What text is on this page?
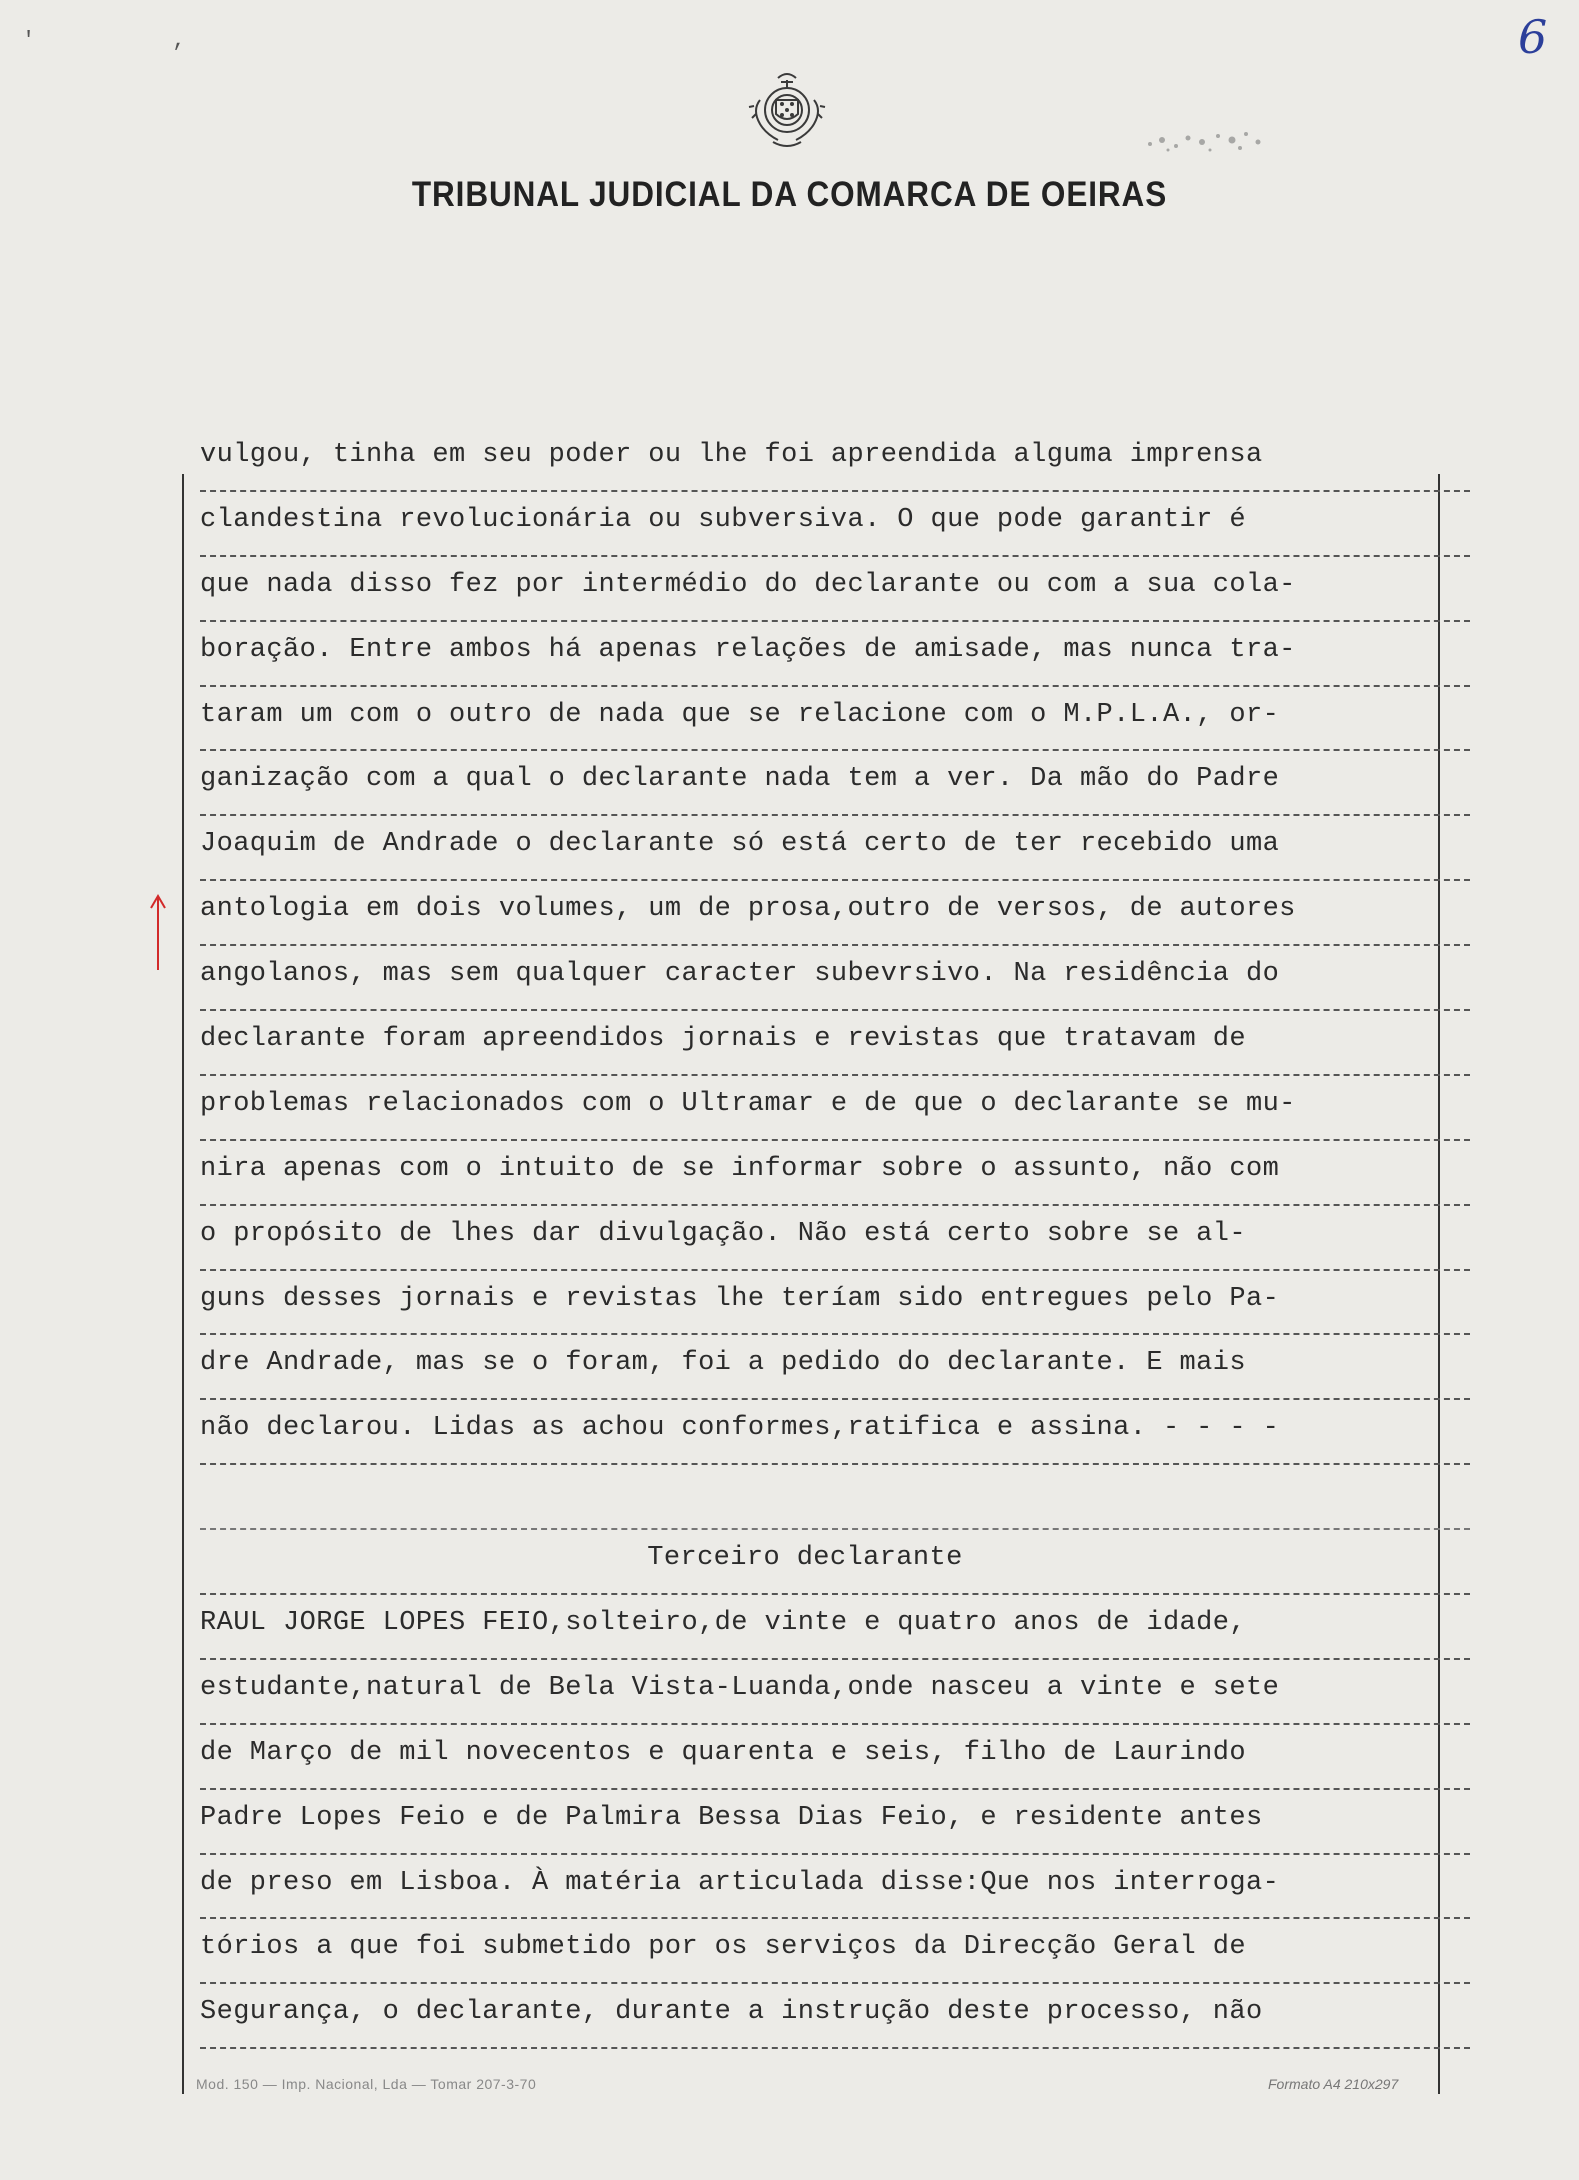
6
' ,
TRIBUNAL JUDICIAL DA COMARCA DE OEIRAS
vulgou, tinha em seu poder ou lhe foi apreendida alguma imprensa
clandestina revolucionária ou subversiva. O que pode garantir é
que nada disso fez por intermédio do declarante ou com a sua cola-
boração. Entre ambos há apenas relações de amisade, mas nunca tra-
taram um com o outro de nada que se relacione com o M.P.L.A., or-
ganização com a qual o declarante nada tem a ver. Da mão do Padre
Joaquim de Andrade o declarante só está certo de ter recebido uma
antologia em dois volumes, um de prosa,outro de versos, de autores
angolanos, mas sem qualquer caracter subevrsivo. Na residência do
declarante foram apreendidos jornais e revistas que tratavam de
problemas relacionados com o Ultramar e de que o declarante se mu-
nira apenas com o intuito de se informar sobre o assunto, não com
o propósito de lhes dar divulgação. Não está certo sobre se al-
guns desses jornais e revistas lhe teríam sido entregues pelo Pa-
dre Andrade, mas se o foram, foi a pedido do declarante. E mais
não declarou. Lidas as achou conformes,ratifica e assina. - - - -
Terceiro declarante
RAUL JORGE LOPES FEIO,solteiro,de vinte e quatro anos de idade,
estudante,natural de Bela Vista-Luanda,onde nasceu a vinte e sete
de Março de mil novecentos e quarenta e seis, filho de Laurindo
Padre Lopes Feio e de Palmira Bessa Dias Feio, e residente antes
de preso em Lisboa. À matéria articulada disse:Que nos interroga-
tórios a que foi submetido por os serviços da Direcção Geral de
Segurança, o declarante, durante a instrução deste processo, não
Mod. 150 — Imp. Nacional, Lda — Tomar 207-3-70	Formato A4 210x297
